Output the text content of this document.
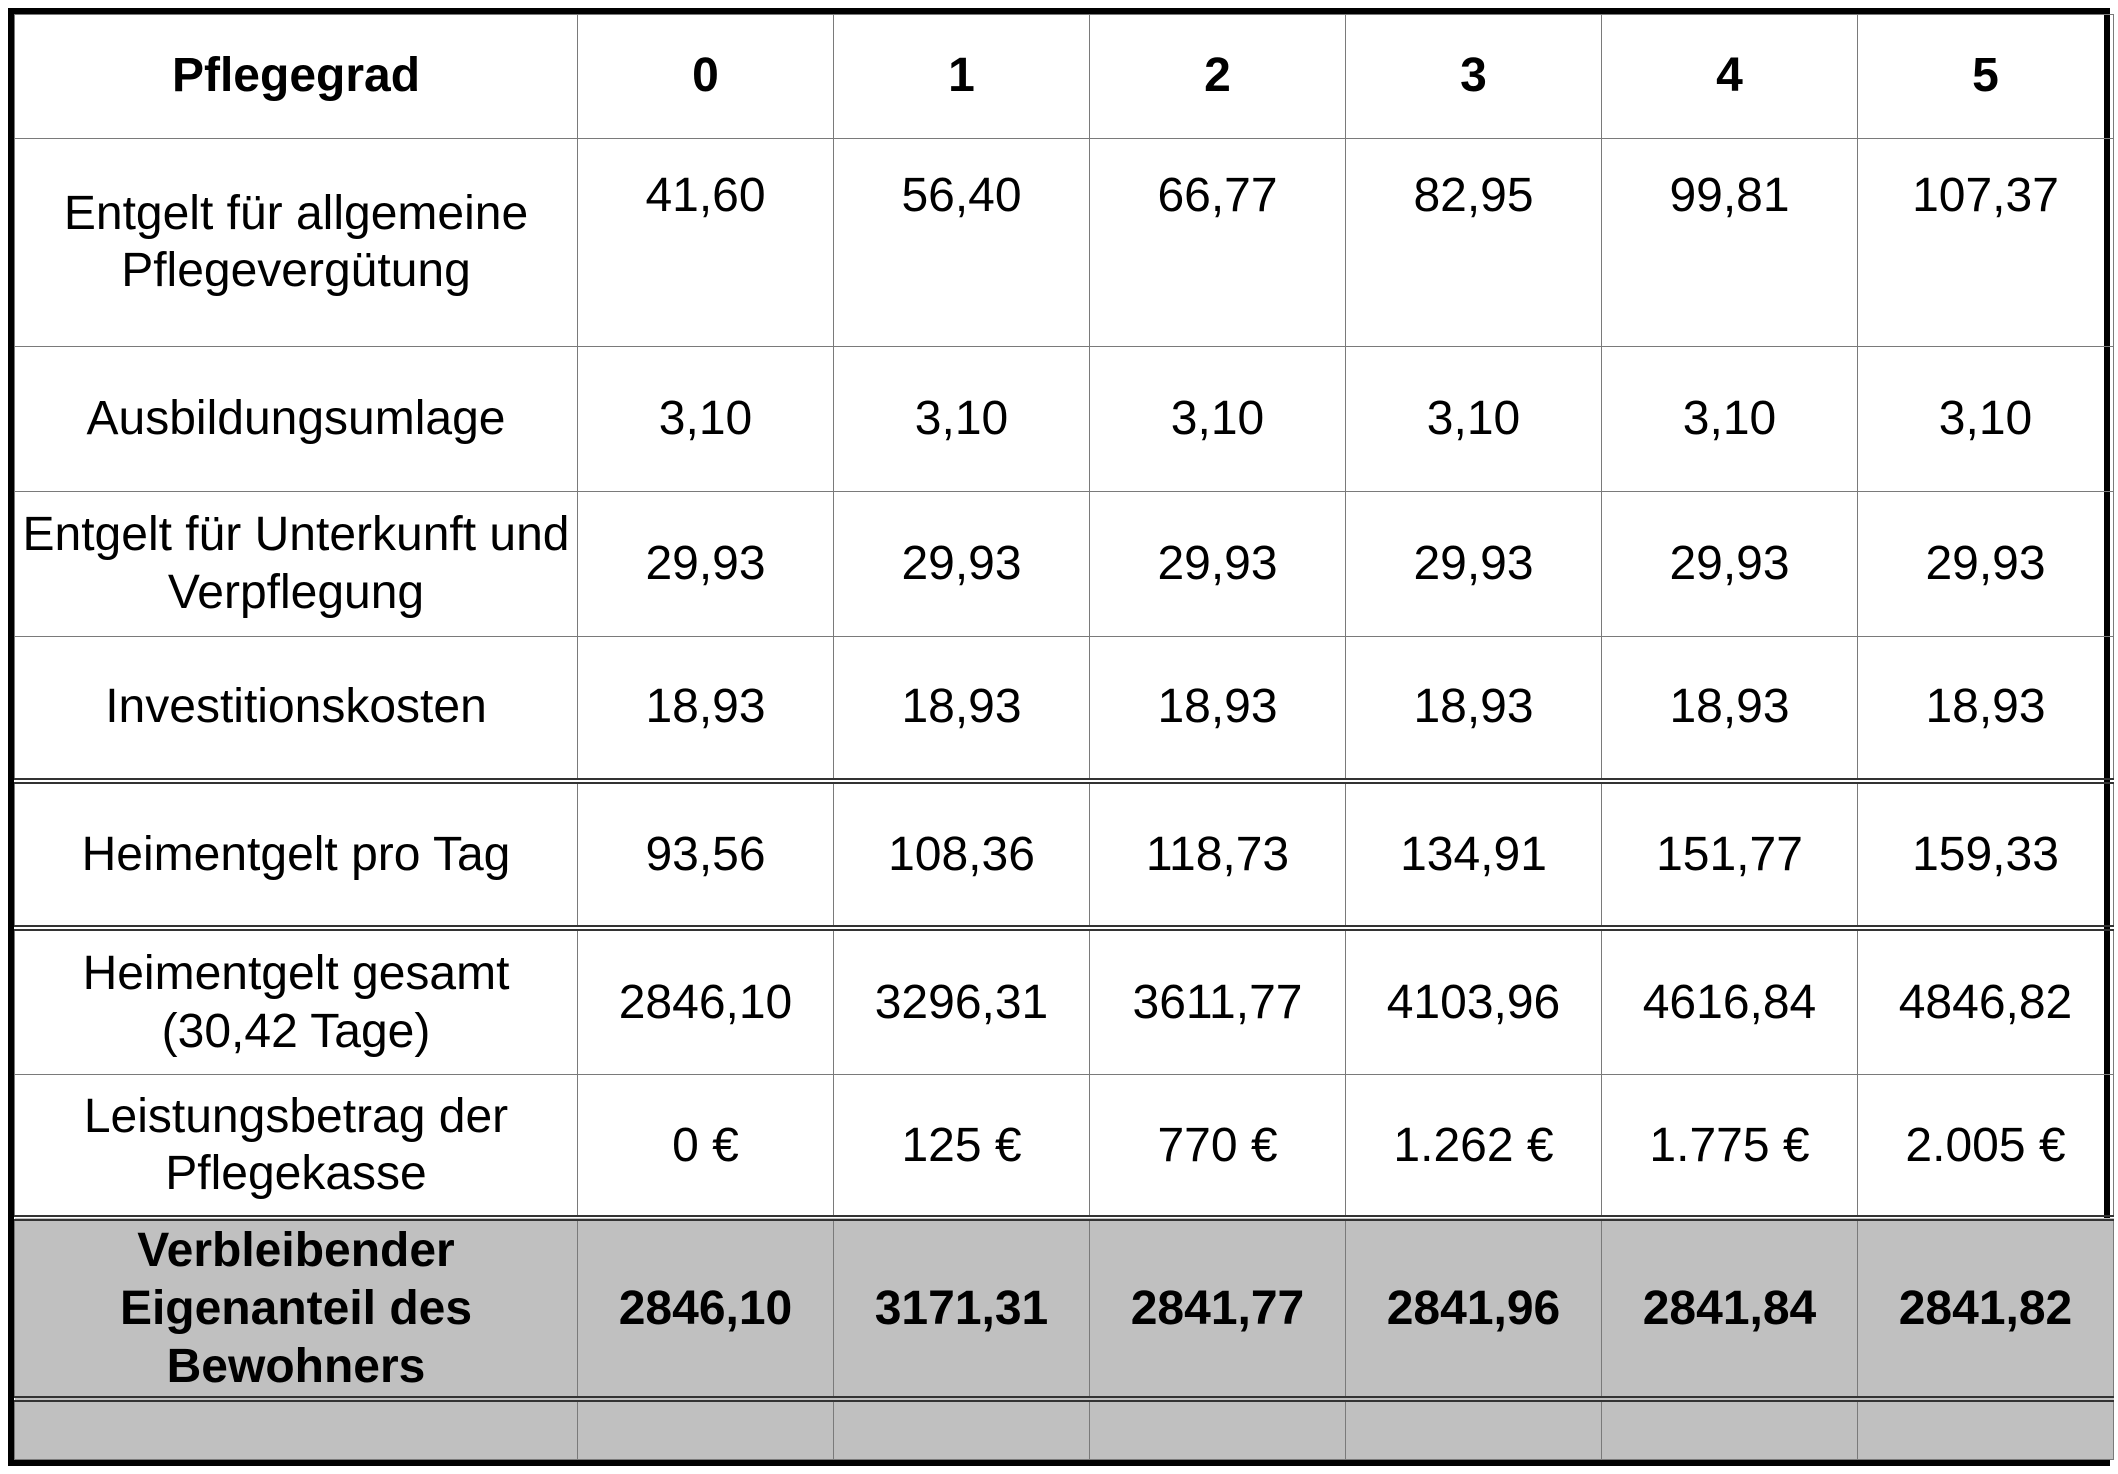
Pflegegrad	0	1	2	3	4	5
Entgelt für allgemeine Pflegevergütung	41,60	56,40	66,77	82,95	99,81	107,37
Ausbildungsumlage	3,10	3,10	3,10	3,10	3,10	3,10
Entgelt für Unterkunft und Verpflegung	29,93	29,93	29,93	29,93	29,93	29,93
Investitionskosten	18,93	18,93	18,93	18,93	18,93	18,93
Heimentgelt pro Tag	93,56	108,36	118,73	134,91	151,77	159,33
Heimentgelt gesamt (30,42 Tage)	2846,10	3296,31	3611,77	4103,96	4616,84	4846,82
Leistungsbetrag der Pflegekasse	0 €	125 €	770 €	1.262 €	1.775 €	2.005 €
Verbleibender Eigenanteil des Bewohners	2846,10	3171,31	2841,77	2841,96	2841,84	2841,82
